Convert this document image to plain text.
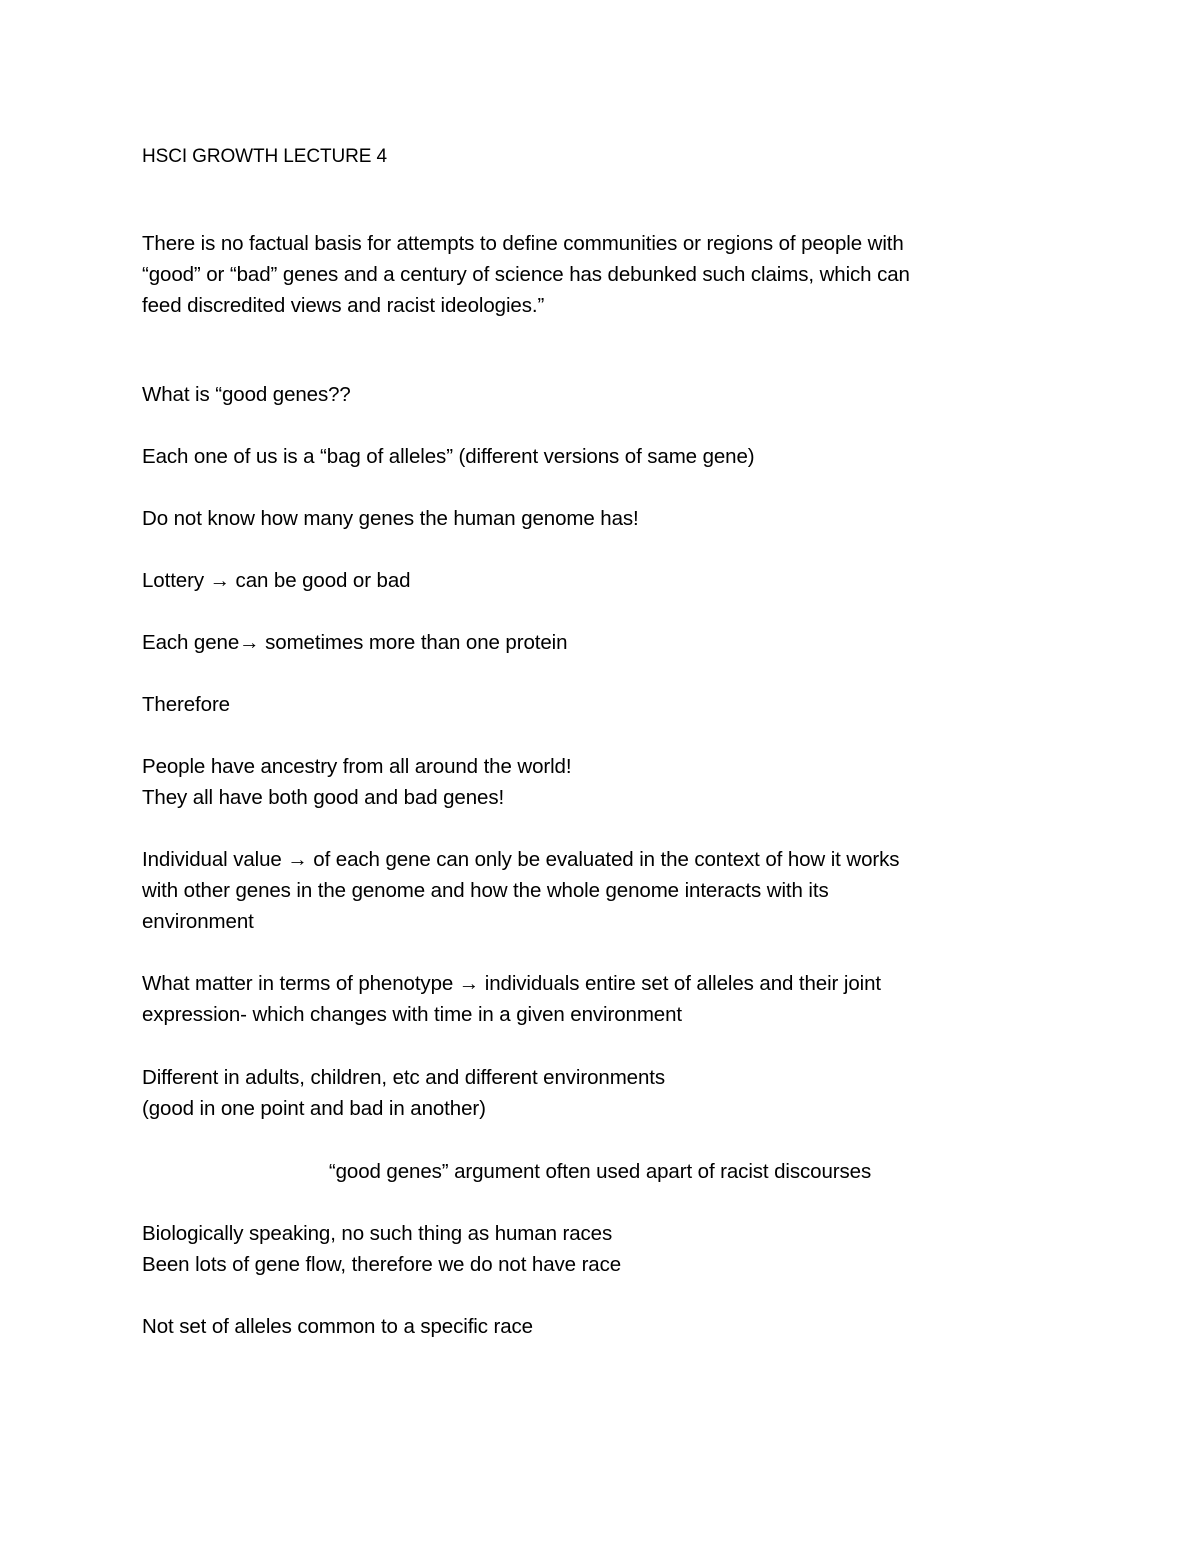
HSCI GROWTH LECTURE 4
There is no factual basis for attempts to define communities or regions of people with
“good” or “bad” genes and a century of science has debunked such claims, which can
feed discredited views and racist ideologies.”
What is “good genes??
Each one of us is a “bag of alleles” (different versions of same gene)
Do not know how many genes the human genome has!
Lottery → can be good or bad
Each gene→ sometimes more than one protein
Therefore
People have ancestry from all around the world!
They all have both good and bad genes!
Individual value → of each gene can only be evaluated in the context of how it works
with other genes in the genome and how the whole genome interacts with its
environment
What matter in terms of phenotype → individuals entire set of alleles and their joint
expression- which changes with time in a given environment
Different in adults, children, etc and different environments
(good in one point and bad in another)
“good genes” argument often used apart of racist discourses
Biologically speaking, no such thing as human races
Been lots of gene flow, therefore we do not have race
Not set of alleles common to a specific race
